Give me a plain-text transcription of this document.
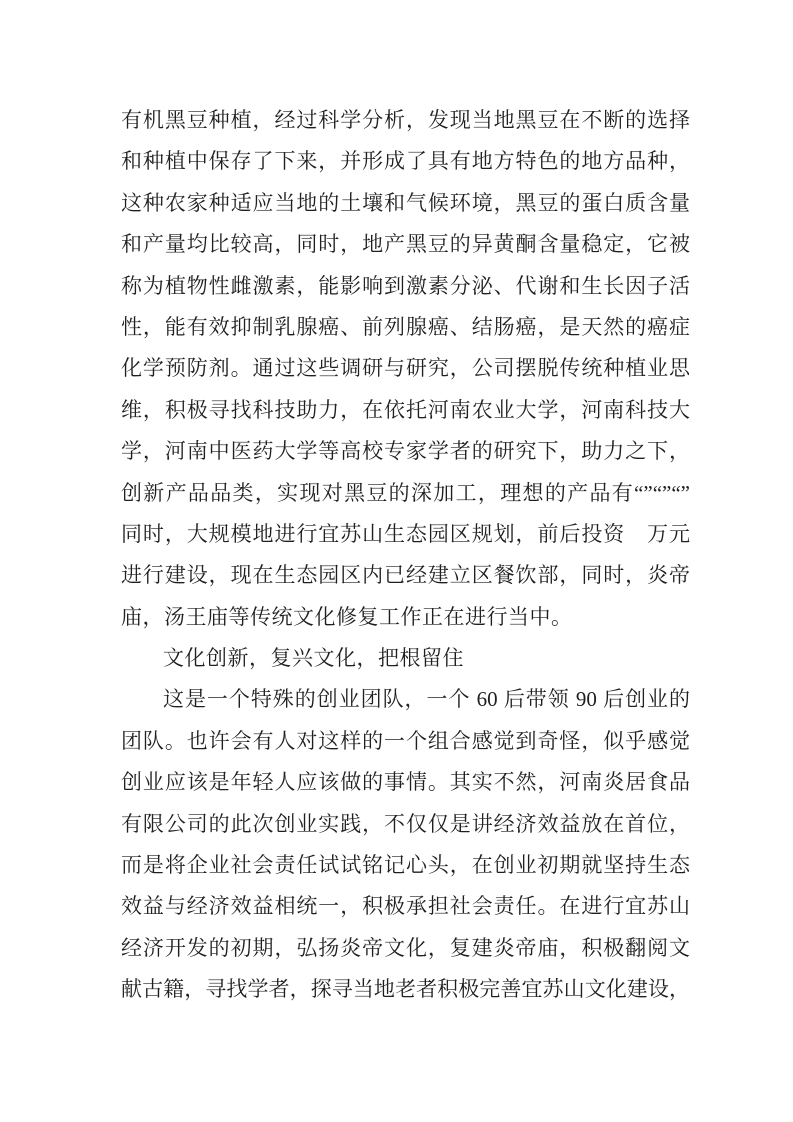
有机黑豆种植，经过科学分析，发现当地黑豆在不断的选择
和种植中保存了下来，并形成了具有地方特色的地方品种，
这种农家种适应当地的土壤和气候环境，黑豆的蛋白质含量
和产量均比较高，同时，地产黑豆的异黄酮含量稳定，它被
称为植物性雌激素，能影响到激素分泌、代谢和生长因子活
性，能有效抑制乳腺癌、前列腺癌、结肠癌，是天然的癌症
化学预防剂。通过这些调研与研究，公司摆脱传统种植业思
维，积极寻找科技助力，在依托河南农业大学，河南科技大
学，河南中医药大学等高校专家学者的研究下，助力之下，
创新产品品类，实现对黑豆的深加工，理想的产品有“”“”“”
同时，大规模地进行宜苏山生态园区规划，前后投资　万元
进行建设，现在生态园区内已经建立区餐饮部，同时，炎帝
庙，汤王庙等传统文化修复工作正在进行当中。
文化创新，复兴文化，把根留住
这是一个特殊的创业团队，一个 60 后带领 90 后创业的
团队。也许会有人对这样的一个组合感觉到奇怪，似乎感觉
创业应该是年轻人应该做的事情。其实不然，河南炎居食品
有限公司的此次创业实践，不仅仅是讲经济效益放在首位，
而是将企业社会责任试试铭记心头，在创业初期就坚持生态
效益与经济效益相统一，积极承担社会责任。在进行宜苏山
经济开发的初期，弘扬炎帝文化，复建炎帝庙，积极翻阅文
献古籍，寻找学者，探寻当地老者积极完善宜苏山文化建设，
